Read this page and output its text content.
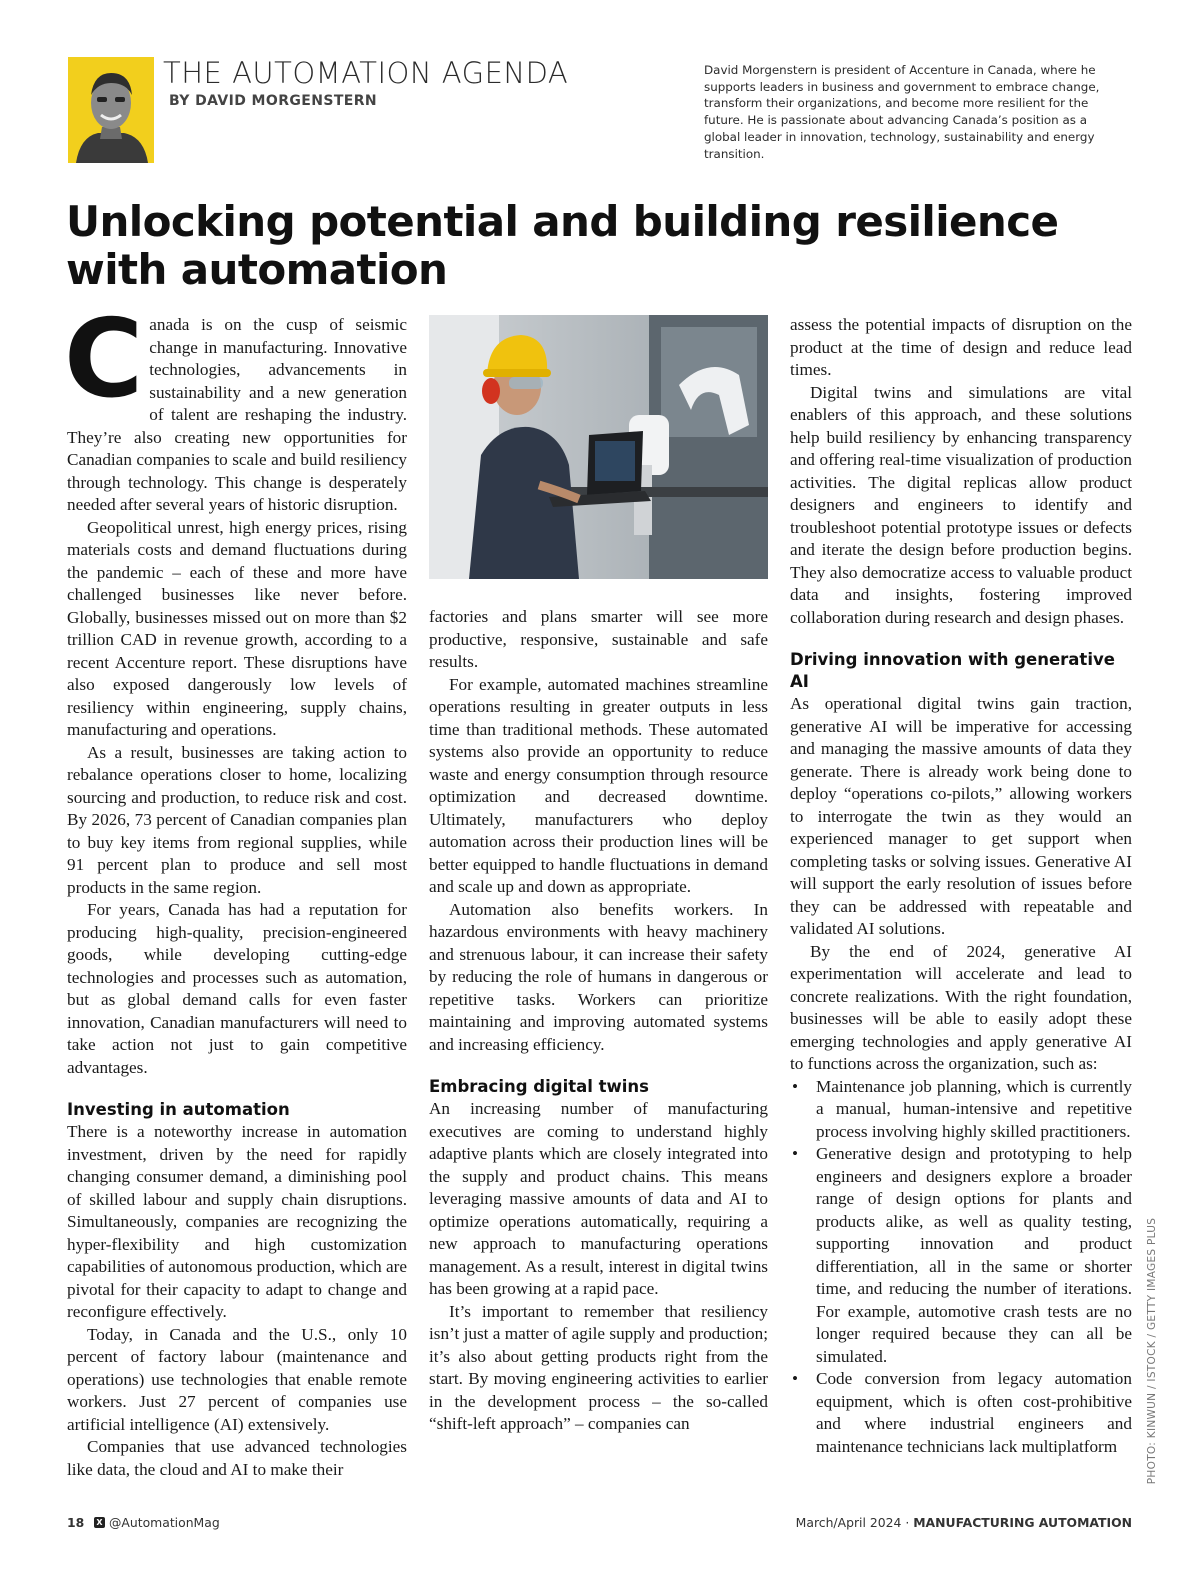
THE AUTOMATION AGENDA
BY DAVID MORGENSTERN
David Morgenstern is president of Accenture in Canada, where he supports leaders in business and government to embrace change, transform their organizations, and become more resilient for the future. He is passionate about advancing Canada’s position as a global leader in innovation, technology, sustainability and energy transition.
Unlocking potential and building resilience with automation

Canada is on the cusp of seismic change in manufacturing. Innovative technologies, advancements in sustainability and a new generation of talent are reshaping the industry. They’re also creating new opportunities for Canadian companies to scale and build resiliency through technology. This change is desperately needed after several years of historic disruption.

Geopolitical unrest, high energy prices, rising materials costs and demand fluctuations during the pandemic – each of these and more have challenged businesses like never before. Globally, businesses missed out on more than $2 trillion CAD in revenue growth, according to a recent Accenture report. These disruptions have also exposed dangerously low levels of resiliency within engineering, supply chains, manufacturing and operations.

As a result, businesses are taking action to rebalance operations closer to home, localizing sourcing and production, to reduce risk and cost. By 2026, 73 percent of Canadian companies plan to buy key items from regional supplies, while 91 percent plan to produce and sell most products in the same region.

For years, Canada has had a reputation for producing high-quality, precision-engineered goods, while developing cutting-edge technologies and processes such as automation, but as global demand calls for even faster innovation, Canadian manufacturers will need to take action not just to gain competitive advantages.

Investing in automation

There is a noteworthy increase in automation investment, driven by the need for rapidly changing consumer demand, a diminishing pool of skilled labour and supply chain disruptions. Simultaneously, companies are recognizing the hyper-flexibility and high customization capabilities of autonomous production, which are pivotal for their capacity to adapt to change and reconfigure effectively.

Today, in Canada and the U.S., only 10 percent of factory labour (maintenance and operations) use technologies that enable remote workers. Just 27 percent of companies use artificial intelligence (AI) extensively.

Companies that use advanced technologies like data, the cloud and AI to make their

factories and plans smarter will see more productive, responsive, sustainable and safe results.

For example, automated machines streamline operations resulting in greater outputs in less time than traditional methods. These automated systems also provide an opportunity to reduce waste and energy consumption through resource optimization and decreased downtime. Ultimately, manufacturers who deploy automation across their production lines will be better equipped to handle fluctuations in demand and scale up and down as appropriate.

Automation also benefits workers. In hazardous environments with heavy machinery and strenuous labour, it can increase their safety by reducing the role of humans in dangerous or repetitive tasks. Workers can prioritize maintaining and improving automated systems and increasing efficiency.

Embracing digital twins

An increasing number of manufacturing executives are coming to understand highly adaptive plants which are closely integrated into the supply and product chains. This means leveraging massive amounts of data and AI to optimize operations automatically, requiring a new approach to manufacturing operations management. As a result, interest in digital twins has been growing at a rapid pace.

It’s important to remember that resiliency isn’t just a matter of agile supply and production; it’s also about getting products right from the start. By moving engineering activities to earlier in the development process – the so-called “shift-left approach” – companies can

assess the potential impacts of disruption on the product at the time of design and reduce lead times.

Digital twins and simulations are vital enablers of this approach, and these solutions help build resiliency by enhancing transparency and offering real-time visualization of production activities. The digital replicas allow product designers and engineers to identify and troubleshoot potential prototype issues or defects and iterate the design before production begins. They also democratize access to valuable product data and insights, fostering improved collaboration during research and design phases.

Driving innovation with generative AI

As operational digital twins gain traction, generative AI will be imperative for accessing and managing the massive amounts of data they generate. There is already work being done to deploy “operations co-pilots,” allowing workers to interrogate the twin as they would an experienced manager to get support when completing tasks or solving issues. Generative AI will support the early resolution of issues before they can be addressed with repeatable and validated AI solutions.

By the end of 2024, generative AI experimentation will accelerate and lead to concrete realizations. With the right foundation, businesses will be able to easily adopt these emerging technologies and apply generative AI to functions across the organization, such as:

• Maintenance job planning, which is currently a manual, human-intensive and repetitive process involving highly skilled practitioners.
• Generative design and prototyping to help engineers and designers explore a broader range of design options for plants and products alike, as well as quality testing, supporting innovation and product differentiation, all in the same or shorter time, and reducing the number of iterations. For example, automotive crash tests are no longer required because they can all be simulated.
• Code conversion from legacy automation equipment, which is often cost-prohibitive and where industrial engineers and maintenance technicians lack multiplatform	PHOTO: KINWUN / ISTOCK / GETTY IMAGES PLUS
18	X @AutomationMag	March/April 2024 · MANUFACTURING AUTOMATION
